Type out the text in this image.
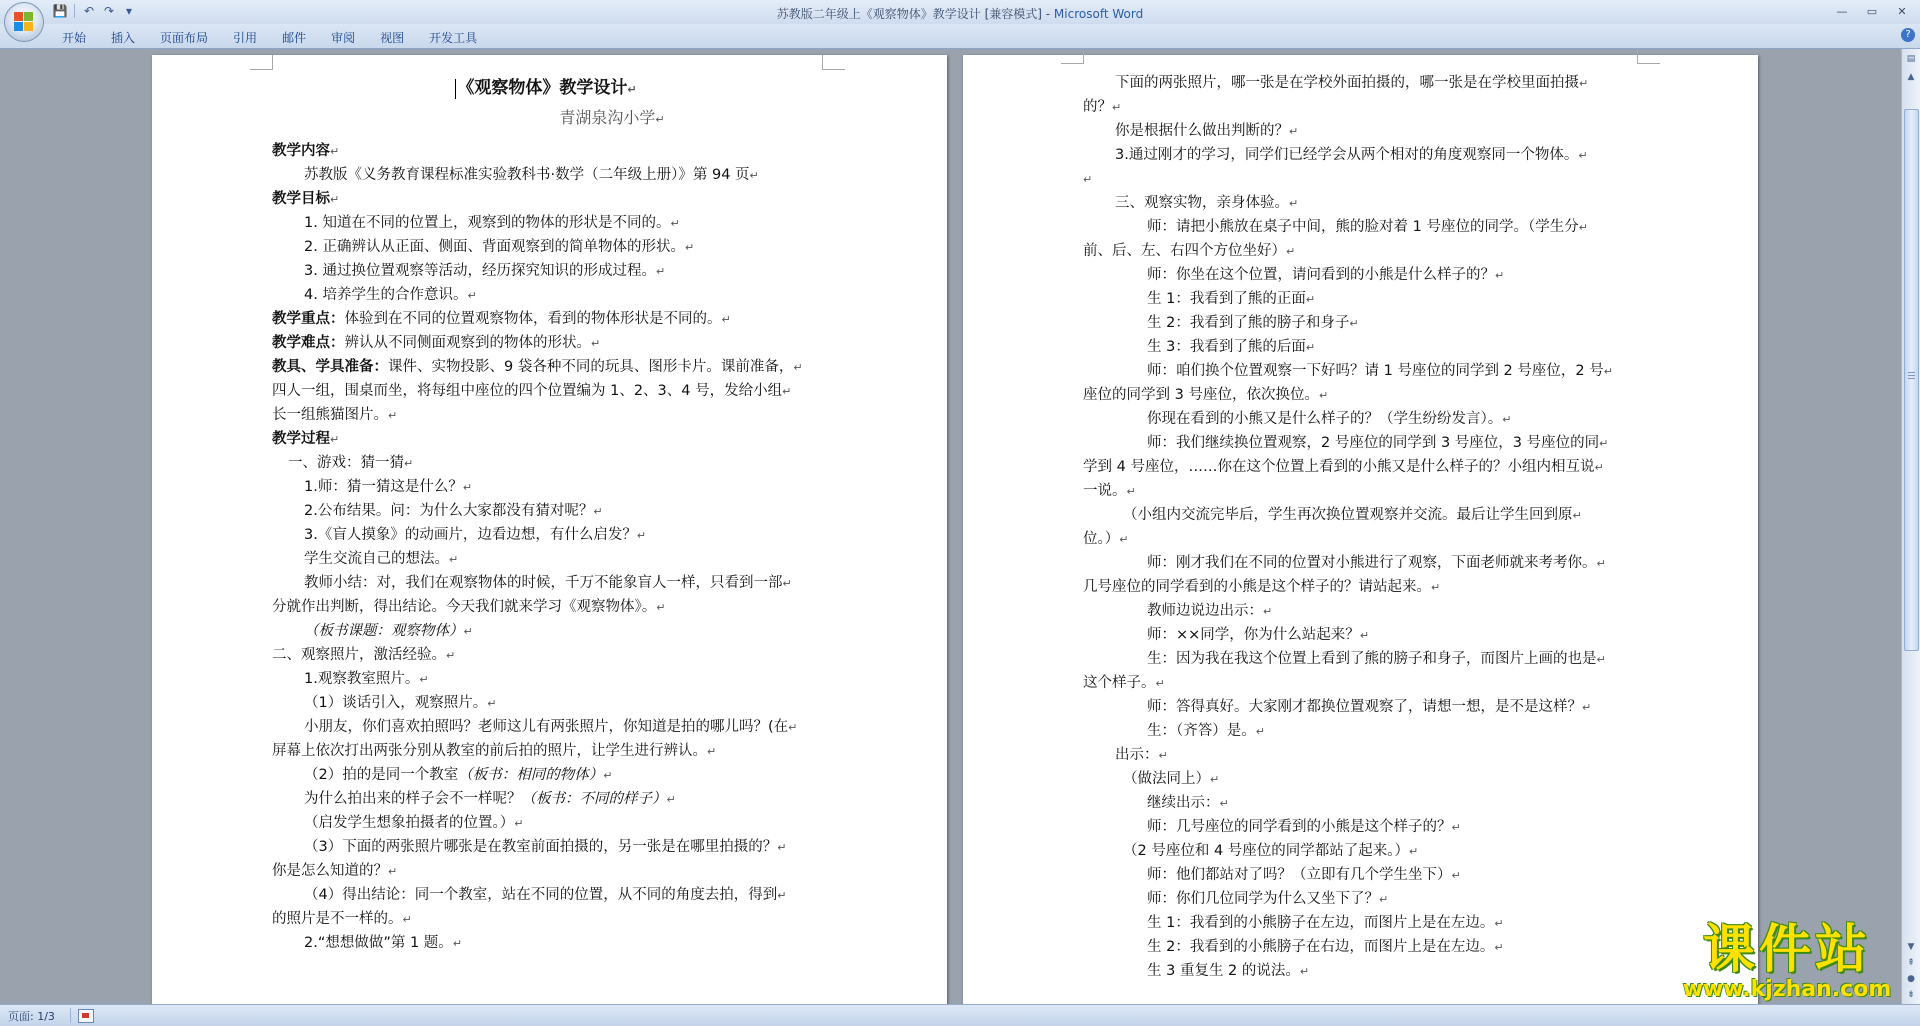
💾 ↶ ↷ ▾	苏教版二年级上《观察物体》教学设计 [兼容模式] - Microsoft Word	—	▭	✕
开始	插入	页面布局	引用	邮件	审阅	视图	开发工具	?
《观察物体》教学设计↵
青湖泉沟小学↵
教学内容↵
苏教版《义务教育课程标准实验教科书·数学（二年级上册）》第 94 页↵
教学目标↵
1. 知道在不同的位置上，观察到的物体的形状是不同的。↵
2. 正确辨认从正面、侧面、背面观察到的简单物体的形状。↵
3. 通过换位置观察等活动，经历探究知识的形成过程。↵
4. 培养学生的合作意识。↵
教学重点：体验到在不同的位置观察物体，看到的物体形状是不同的。↵
教学难点：辨认从不同侧面观察到的物体的形状。↵
教具、学具准备：课件、实物投影、9 袋各种不同的玩具、图形卡片。课前准备，↵
四人一组，围桌而坐，将每组中座位的四个位置编为 1、2、3、4 号，发给小组↵
长一组熊猫图片。↵
教学过程↵
一、游戏：猜一猜↵
1.师：猜一猜这是什么？↵
2.公布结果。问：为什么大家都没有猜对呢？↵
3.《盲人摸象》的动画片，边看边想，有什么启发？↵
学生交流自己的想法。↵
教师小结：对，我们在观察物体的时候，千万不能象盲人一样，只看到一部↵
分就作出判断，得出结论。今天我们就来学习《观察物体》。↵
（板书课题：观察物体）↵
二、观察照片，激活经验。↵
1.观察教室照片。↵
（1）谈话引入，观察照片。↵
小朋友，你们喜欢拍照吗？老师这儿有两张照片，你知道是拍的哪儿吗？(在↵
屏幕上依次打出两张分别从教室的前后拍的照片，让学生进行辨认。↵
（2）拍的是同一个教室（板书：相同的物体）↵
为什么拍出来的样子会不一样呢？（板书：不同的样子）↵
（启发学生想象拍摄者的位置。）↵
（3）下面的两张照片哪张是在教室前面拍摄的，另一张是在哪里拍摄的？↵
你是怎么知道的？↵
（4）得出结论：同一个教室，站在不同的位置，从不同的角度去拍，得到↵
的照片是不一样的。↵
2.“想想做做”第 1 题。↵
下面的两张照片，哪一张是在学校外面拍摄的，哪一张是在学校里面拍摄↵
的？↵
你是根据什么做出判断的？↵
3.通过刚才的学习，同学们已经学会从两个相对的角度观察同一个物体。↵
↵
三、观察实物，亲身体验。↵
师：请把小熊放在桌子中间，熊的脸对着 1 号座位的同学。（学生分↵
前、后、左、右四个方位坐好）↵
师：你坐在这个位置，请问看到的小熊是什么样子的？↵
生 1：我看到了熊的正面↵
生 2：我看到了熊的膀子和身子↵
生 3：我看到了熊的后面↵
师：咱们换个位置观察一下好吗？请 1 号座位的同学到 2 号座位，2 号↵
座位的同学到 3 号座位，依次换位。↵
你现在看到的小熊又是什么样子的？（学生纷纷发言）。↵
师：我们继续换位置观察，2 号座位的同学到 3 号座位，3 号座位的同↵
学到 4 号座位，……你在这个位置上看到的小熊又是什么样子的？小组内相互说↵
一说。↵
（小组内交流完毕后，学生再次换位置观察并交流。最后让学生回到原↵
位。）↵
师：刚才我们在不同的位置对小熊进行了观察，下面老师就来考考你。↵
几号座位的同学看到的小熊是这个样子的？请站起来。↵
教师边说边出示：↵
师：××同学，你为什么站起来？↵
生：因为我在我这个位置上看到了熊的膀子和身子，而图片上画的也是↵
这个样子。↵
师：答得真好。大家刚才都换位置观察了，请想一想，是不是这样？↵
生：（齐答）是。↵
出示：↵
（做法同上）↵
继续出示：↵
师：几号座位的同学看到的小熊是这个样子的？↵
（2 号座位和 4 号座位的同学都站了起来。）↵
师：他们都站对了吗？（立即有几个学生坐下）↵
师：你们几位同学为什么又坐下了？↵
生 1：我看到的小熊膀子在左边，而图片上是在左边。↵
生 2：我看到的小熊膀子在右边，而图片上是在左边。↵
生 3 重复生 2 的说法。↵
▤
▲
▼
⇞
●
⇟
页面: 1/3
课件站
www.kjzhan.com
